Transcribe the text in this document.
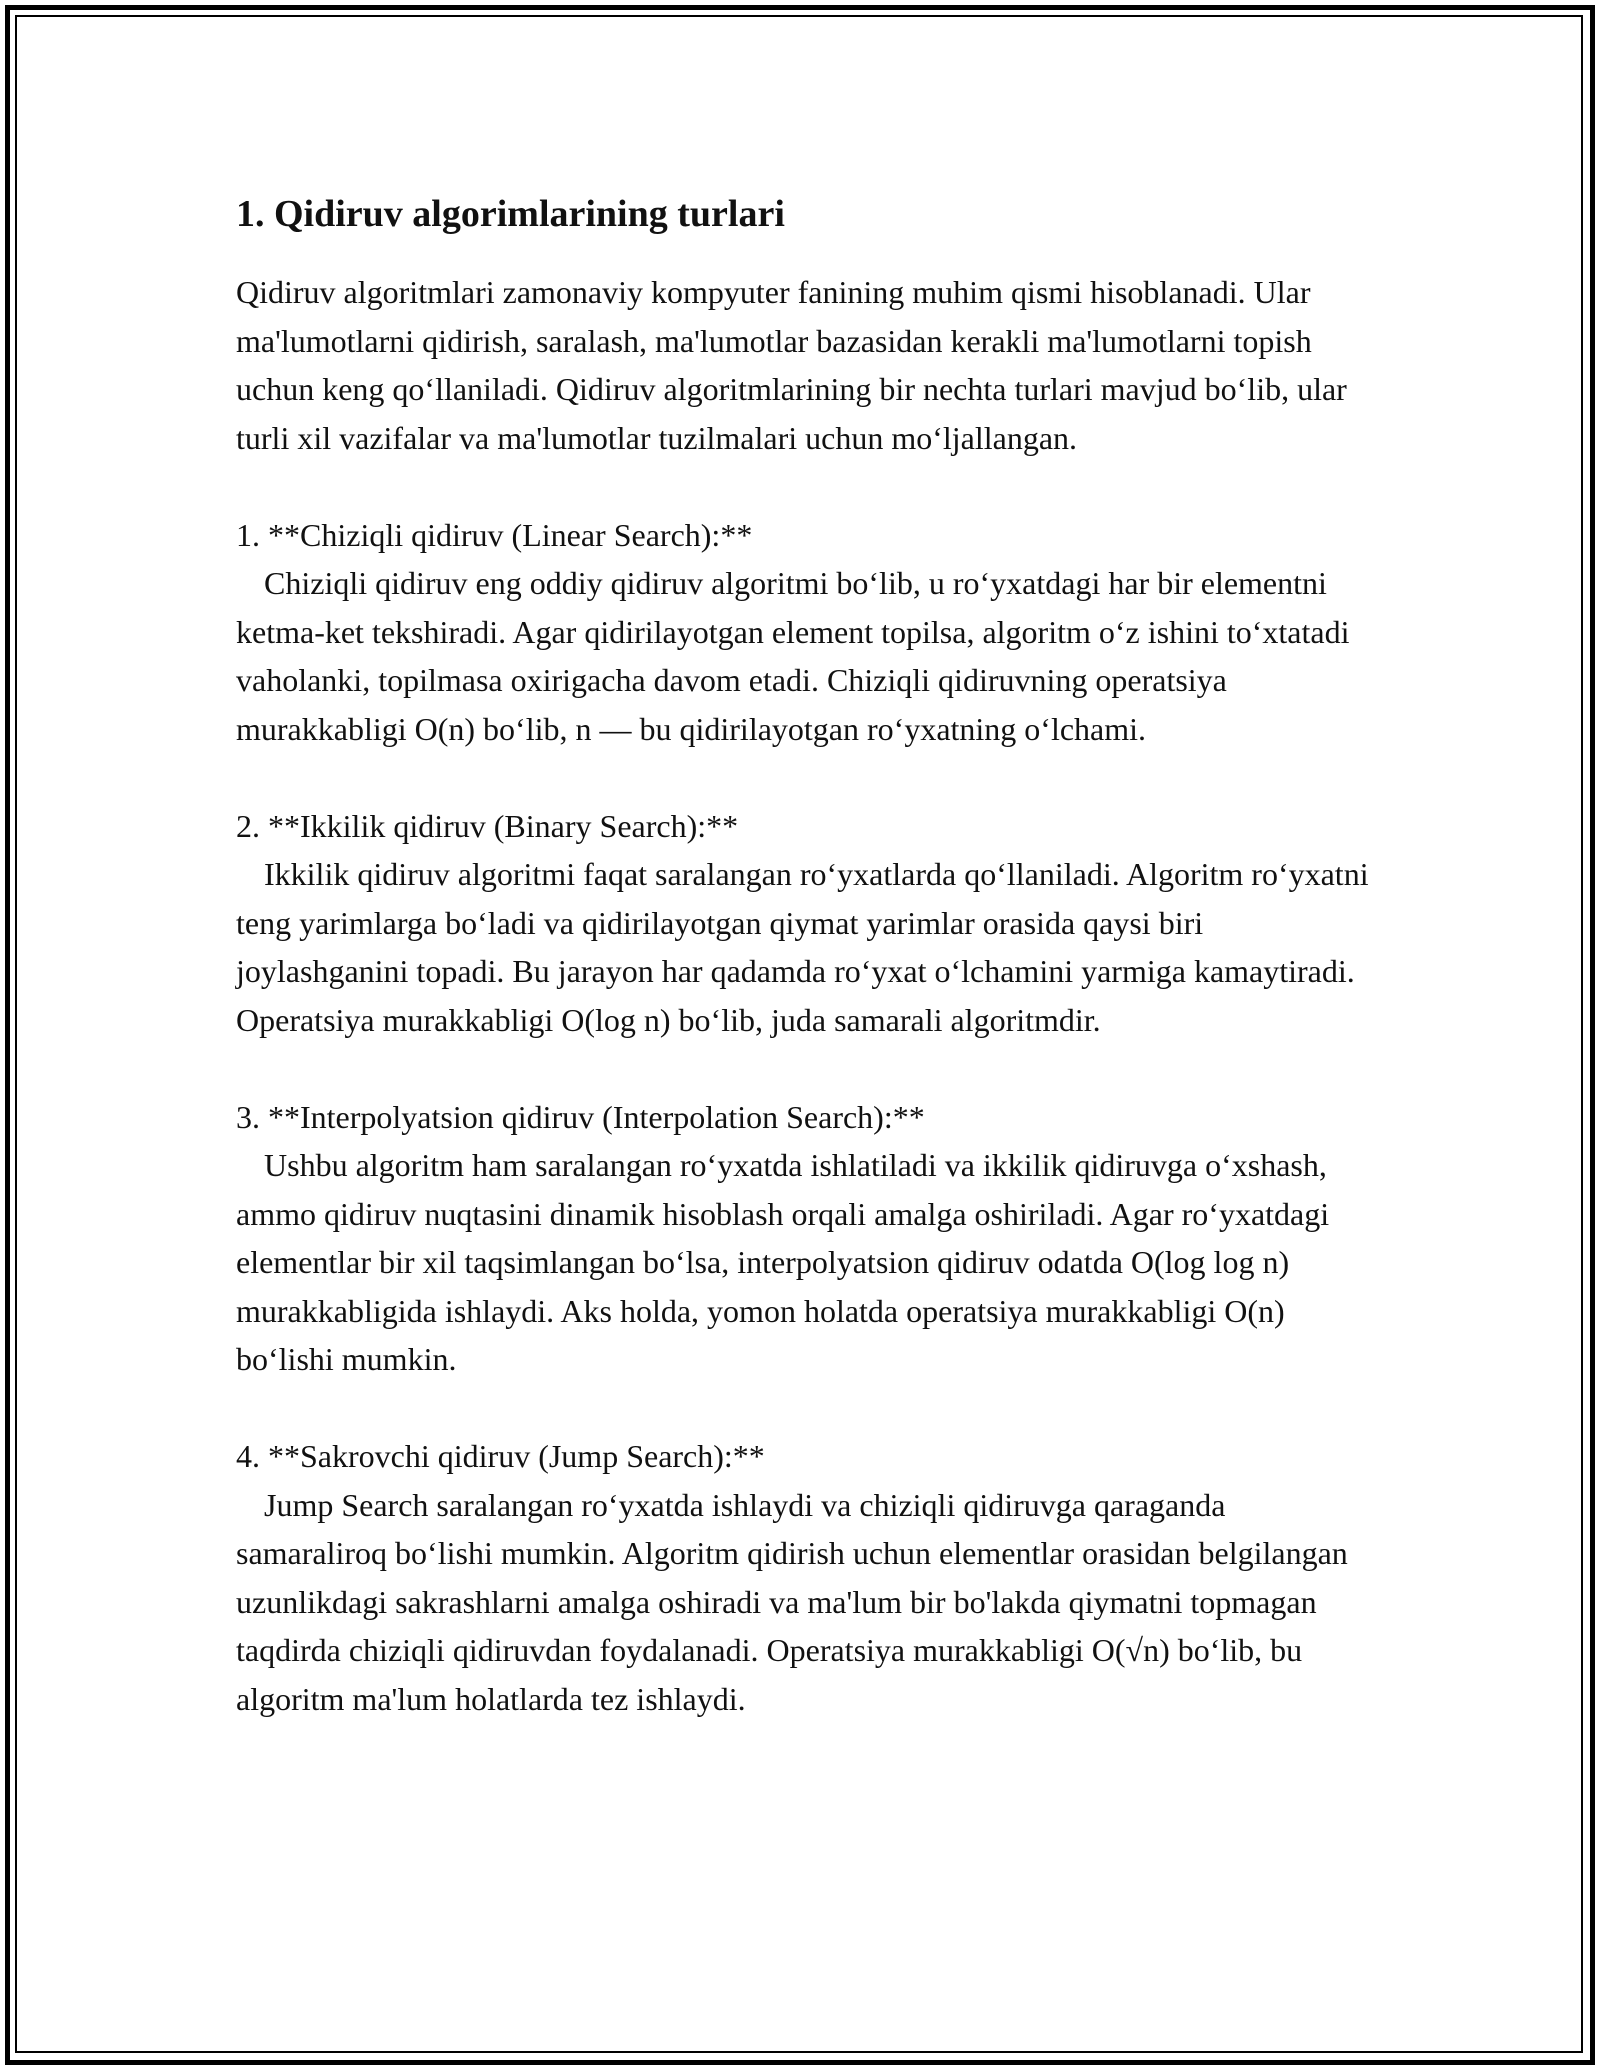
1. Qidiruv algorimlarining turlari

Qidiruv algoritmlari zamonaviy kompyuter fanining muhim qismi hisoblanadi. Ular ma'lumotlarni qidirish, saralash, ma'lumotlar bazasidan kerakli ma'lumotlarni topish uchun keng qo‘llaniladi. Qidiruv algoritmlarining bir nechta turlari mavjud bo‘lib, ular turli xil vazifalar va ma'lumotlar tuzilmalari uchun mo‘ljallangan.

1. **Chiziqli qidiruv (Linear Search):**
Chiziqli qidiruv eng oddiy qidiruv algoritmi bo‘lib, u ro‘yxatdagi har bir elementni ketma-ket tekshiradi. Agar qidirilayotgan element topilsa, algoritm o‘z ishini to‘xtatadi vaholanki, topilmasa oxirigacha davom etadi. Chiziqli qidiruvning operatsiya murakkabligi O(n) bo‘lib, n — bu qidirilayotgan ro‘yxatning o‘lchami.
2. **Ikkilik qidiruv (Binary Search):**
Ikkilik qidiruv algoritmi faqat saralangan ro‘yxatlarda qo‘llaniladi. Algoritm ro‘yxatni teng yarimlarga bo‘ladi va qidirilayotgan qiymat yarimlar orasida qaysi biri joylashganini topadi. Bu jarayon har qadamda ro‘yxat o‘lchamini yarmiga kamaytiradi. Operatsiya murakkabligi O(log n) bo‘lib, juda samarali algoritmdir.
3. **Interpolyatsion qidiruv (Interpolation Search):**
Ushbu algoritm ham saralangan ro‘yxatda ishlatiladi va ikkilik qidiruvga o‘xshash, ammo qidiruv nuqtasini dinamik hisoblash orqali amalga oshiriladi. Agar ro‘yxatdagi elementlar bir xil taqsimlangan bo‘lsa, interpolyatsion qidiruv odatda O(log log n) murakkabligida ishlaydi. Aks holda, yomon holatda operatsiya murakkabligi O(n) bo‘lishi mumkin.
4. **Sakrovchi qidiruv (Jump Search):**
Jump Search saralangan ro‘yxatda ishlaydi va chiziqli qidiruvga qaraganda samaraliroq bo‘lishi mumkin. Algoritm qidirish uchun elementlar orasidan belgilangan uzunlikdagi sakrashlarni amalga oshiradi va ma'lum bir bo'lakda qiymatni topmagan taqdirda chiziqli qidiruvdan foydalanadi. Operatsiya murakkabligi O(√n) bo‘lib, bu algoritm ma'lum holatlarda tez ishlaydi.
